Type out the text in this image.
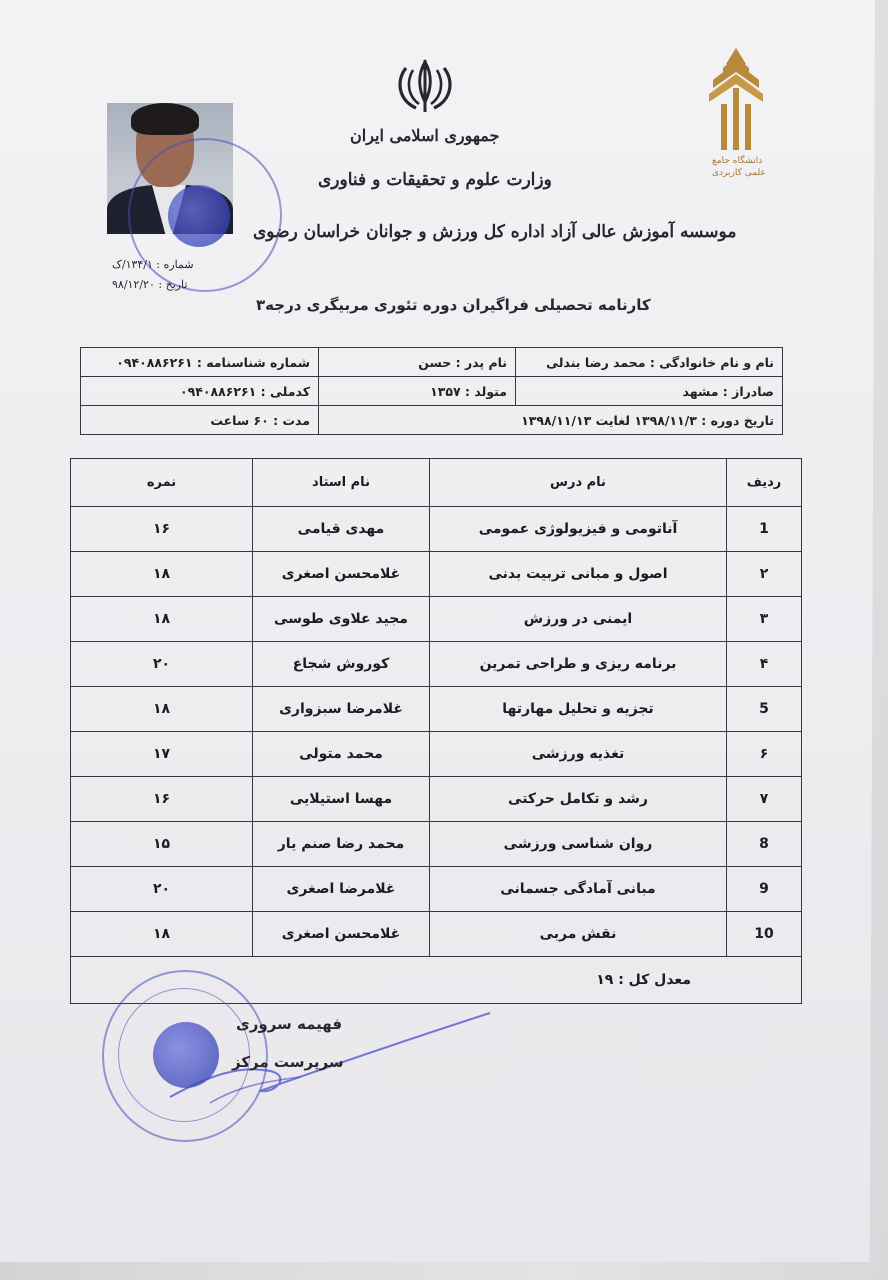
دانشگاه جامع
علمی کاربردی
جمهوری اسلامی ایران
وزارت علوم و تحقیقات و فناوری
موسسه آموزش عالی آزاد اداره کل ورزش و جوانان خراسان رضوی
شماره : ۱۳۴/۱/ک
تاریخ : ۹۸/۱۲/۲۰
کارنامه تحصیلی فراگیران دوره تئوری مربیگری درجه۳
نام و نام خانوادگی : محمد رضا بندلی	نام پدر : حسن	شماره شناسنامه : ۰۹۴۰۸۸۶۲۶۱
صادراز : مشهد	متولد : ۱۳۵۷	کدملی : ۰۹۴۰۸۸۶۲۶۱
تاریخ دوره : ۱۳۹۸/۱۱/۳ لغایت ۱۳۹۸/۱۱/۱۳		مدت : ۶۰ ساعت
ردیف	نام درس	نام استاد	نمره
1	آناتومی و فیزیولوژی عمومی	مهدی قیامی	۱۶
۲	اصول و مبانی تربیت بدنی	غلامحسن اصغری	۱۸
۳	ایمنی در ورزش	مجید علاوی طوسی	۱۸
۴	برنامه ریزی و طراحی تمرین	کوروش شجاع	۲۰
5	تجزیه و تحلیل مهارتها	غلامرضا سبزواری	۱۸
۶	تغذیه ورزشی	محمد متولی	۱۷
۷	رشد و تکامل حرکتی	مهسا استیلایی	۱۶
8	روان شناسی ورزشی	محمد رضا صنم یار	۱۵
9	مبانی آمادگی جسمانی	غلامرضا اصغری	۲۰
10	نقش مربی	غلامحسن اصغری	۱۸
معدل کل : ۱۹			
فهیمه سروری
سرپرست مرکز
